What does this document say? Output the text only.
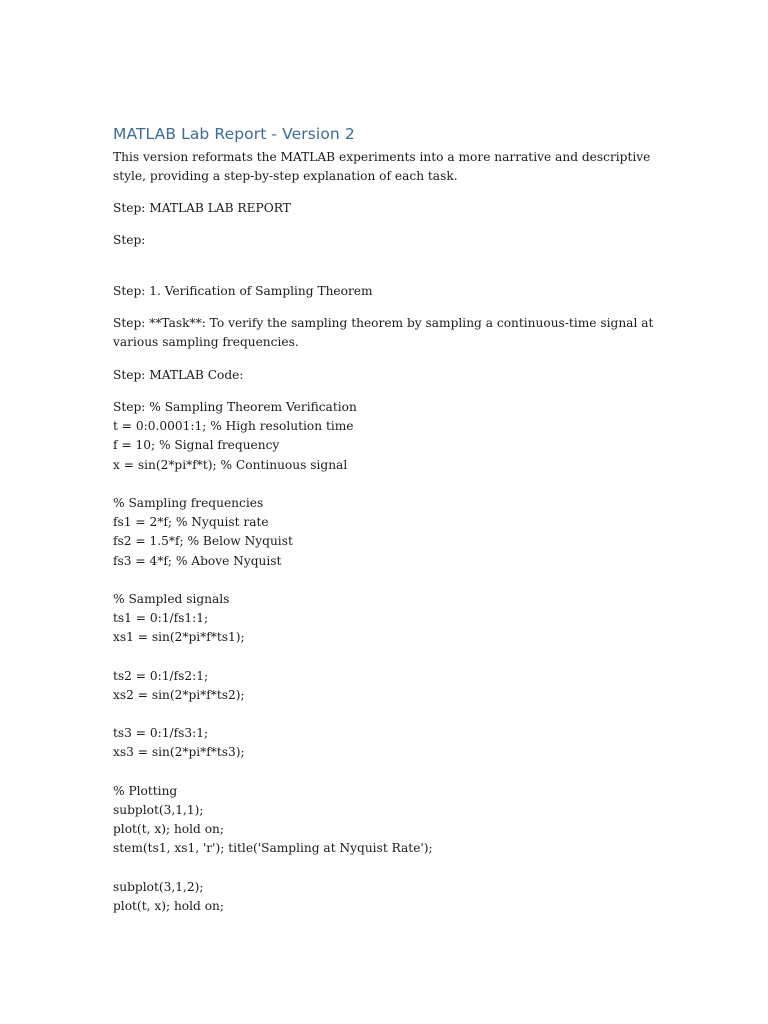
MATLAB Lab Report - Version 2

This version reformats the MATLAB experiments into a more narrative and descriptive

style, providing a step-by-step explanation of each task.

Step: MATLAB LAB REPORT

Step:

Step: 1. Verification of Sampling Theorem

Step: **Task**: To verify the sampling theorem by sampling a continuous-time signal at

various sampling frequencies.

Step: MATLAB Code:

Step: % Sampling Theorem Verification
t = 0:0.0001:1; % High resolution time
f = 10; % Signal frequency
x = sin(2*pi*f*t); % Continuous signal
% Sampling frequencies
fs1 = 2*f; % Nyquist rate
fs2 = 1.5*f; % Below Nyquist
fs3 = 4*f; % Above Nyquist
% Sampled signals
ts1 = 0:1/fs1:1;
xs1 = sin(2*pi*f*ts1);
ts2 = 0:1/fs2:1;
xs2 = sin(2*pi*f*ts2);
ts3 = 0:1/fs3:1;
xs3 = sin(2*pi*f*ts3);
% Plotting
subplot(3,1,1);
plot(t, x); hold on;
stem(ts1, xs1, 'r'); title('Sampling at Nyquist Rate');
subplot(3,1,2);
plot(t, x); hold on;
